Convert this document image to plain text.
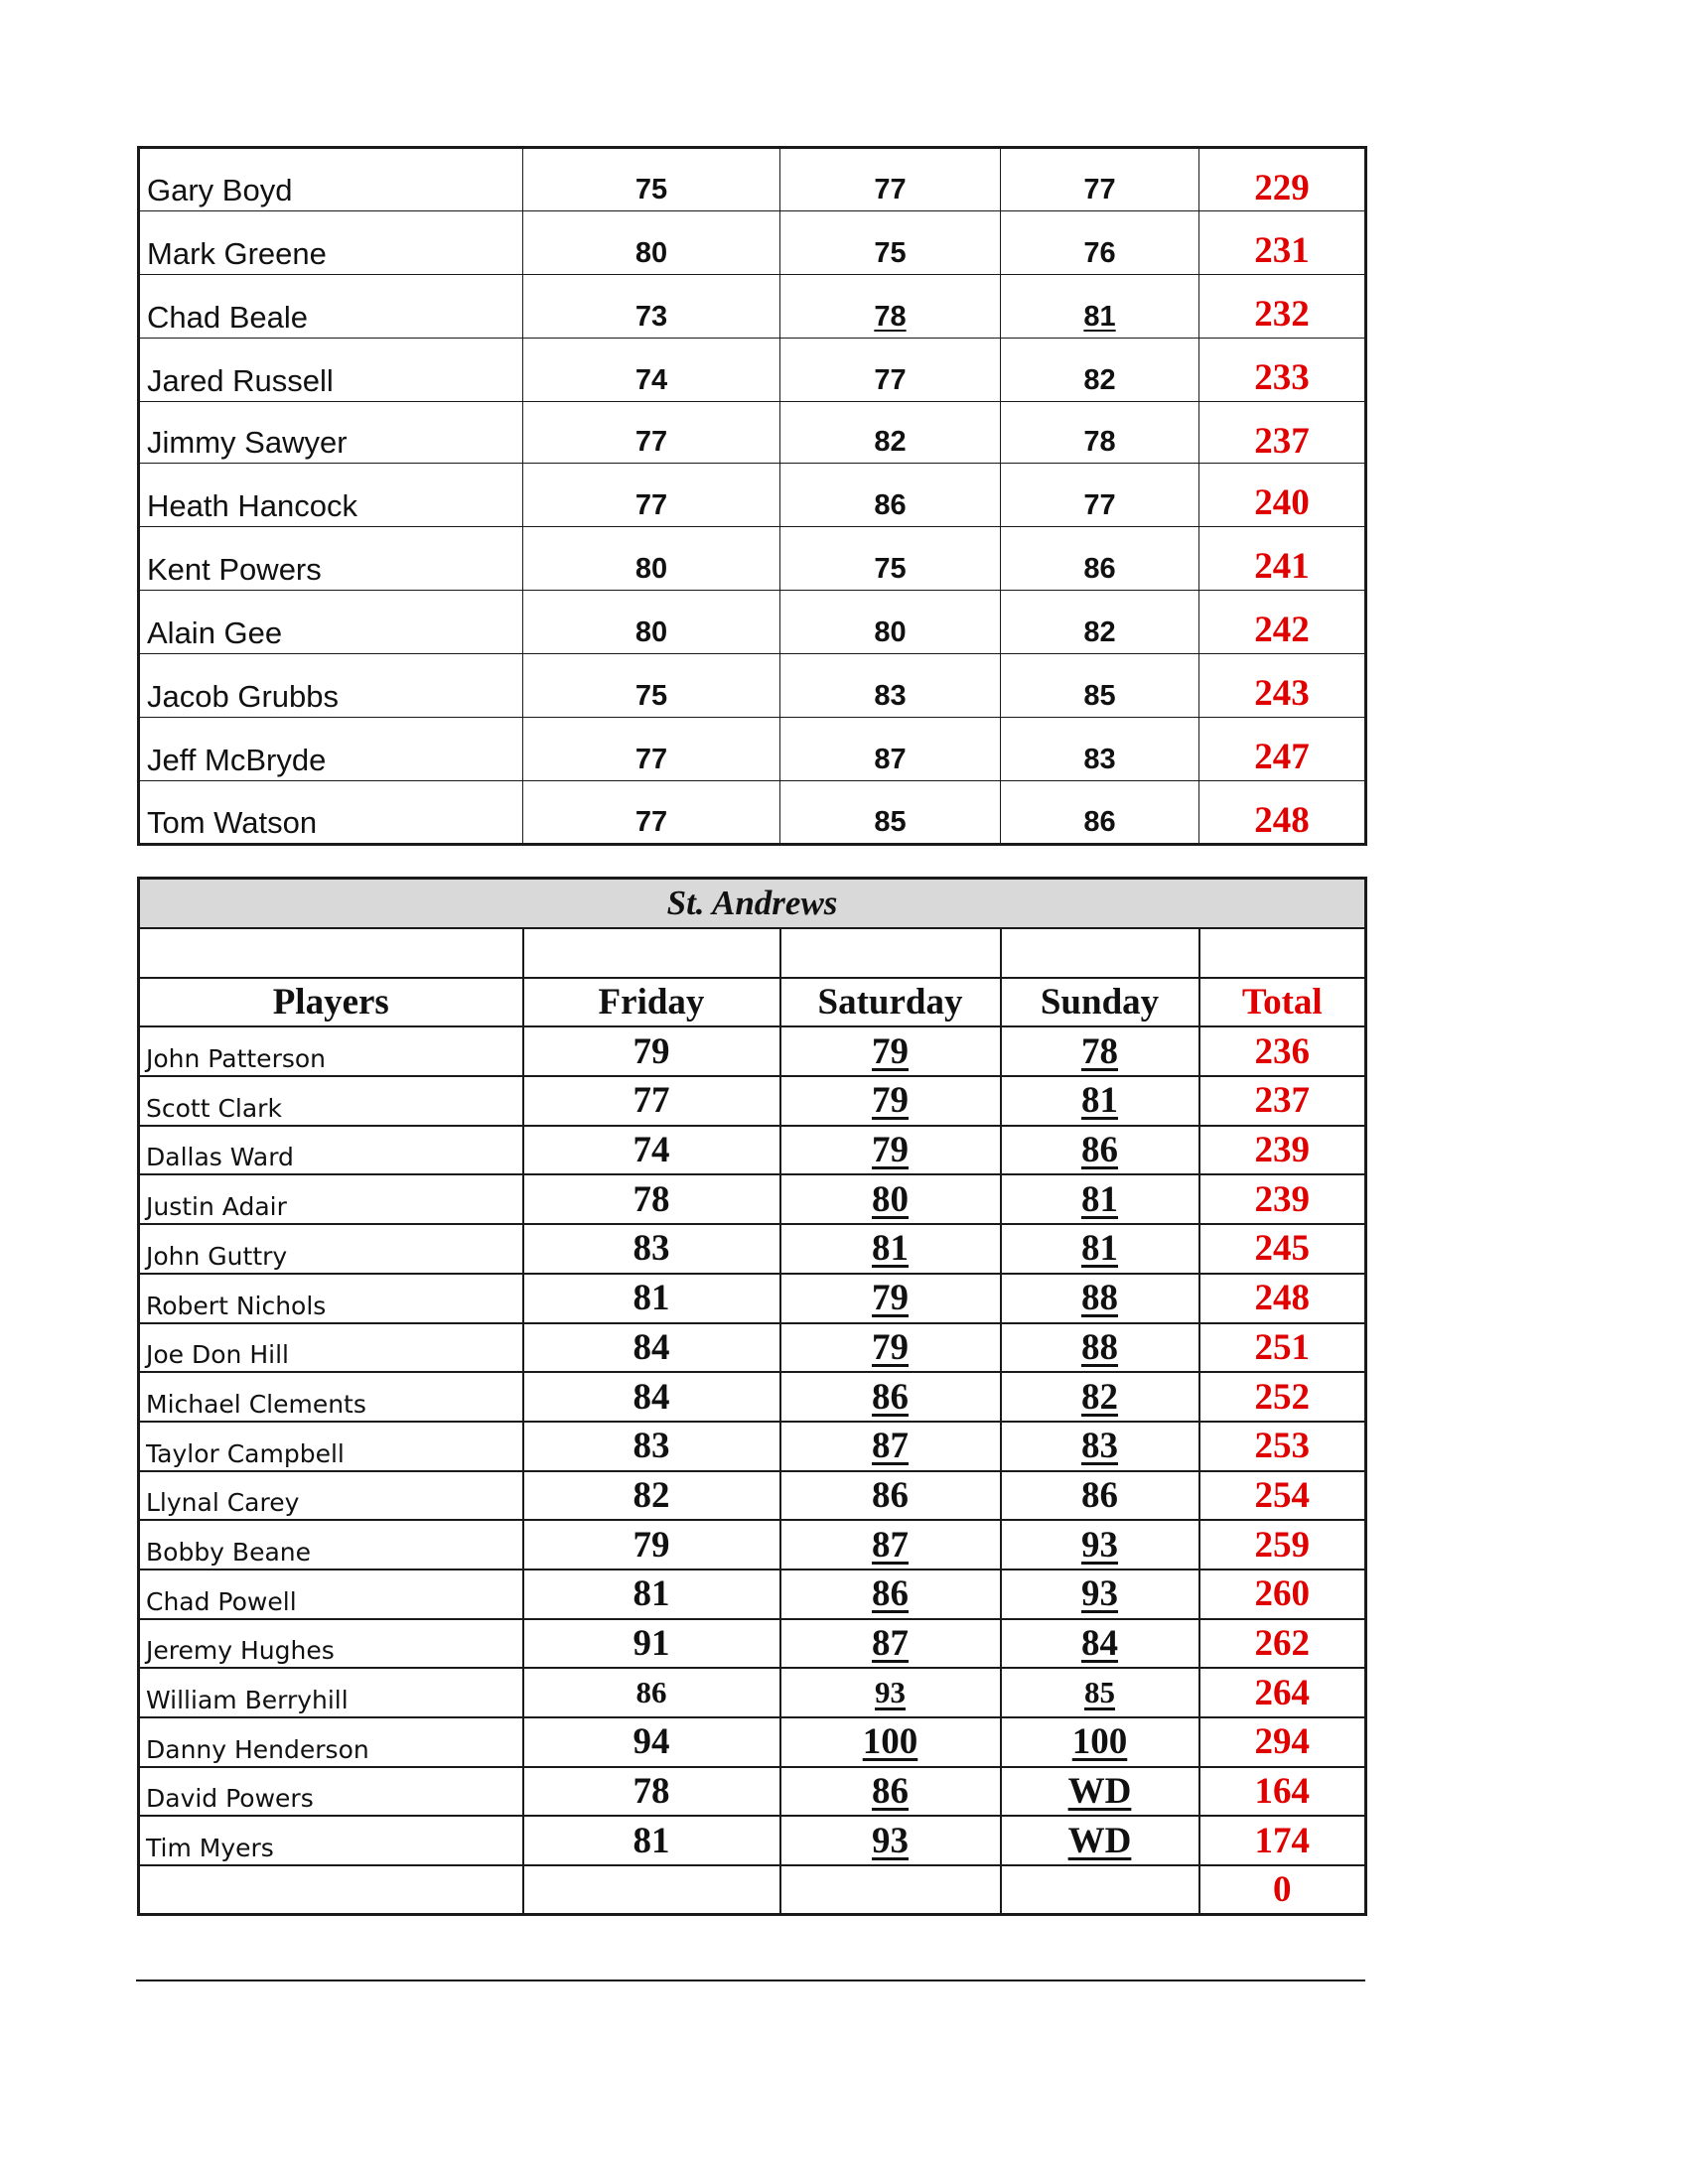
Gary Boyd	75	77	77	229
Mark Greene	80	75	76	231
Chad Beale	73	78	81	232
Jared Russell	74	77	82	233
Jimmy Sawyer	77	82	78	237
Heath Hancock	77	86	77	240
Kent Powers	80	75	86	241
Alain Gee	80	80	82	242
Jacob Grubbs	75	83	85	243
Jeff McBryde	77	87	83	247
Tom Watson	77	85	86	248
St. Andrews				

Players	Friday	Saturday	Sunday	Total
John Patterson	79	79	78	236
Scott Clark	77	79	81	237
Dallas Ward	74	79	86	239
Justin Adair	78	80	81	239
John Guttry	83	81	81	245
Robert Nichols	81	79	88	248
Joe Don Hill	84	79	88	251
Michael Clements	84	86	82	252
Taylor Campbell	83	87	83	253
Llynal Carey	82	86	86	254
Bobby Beane	79	87	93	259
Chad Powell	81	86	93	260
Jeremy Hughes	91	87	84	262
William Berryhill	86	93	85	264
Danny Henderson	94	100	100	294
David Powers	78	86	WD	164
Tim Myers	81	93	WD	174
				0
